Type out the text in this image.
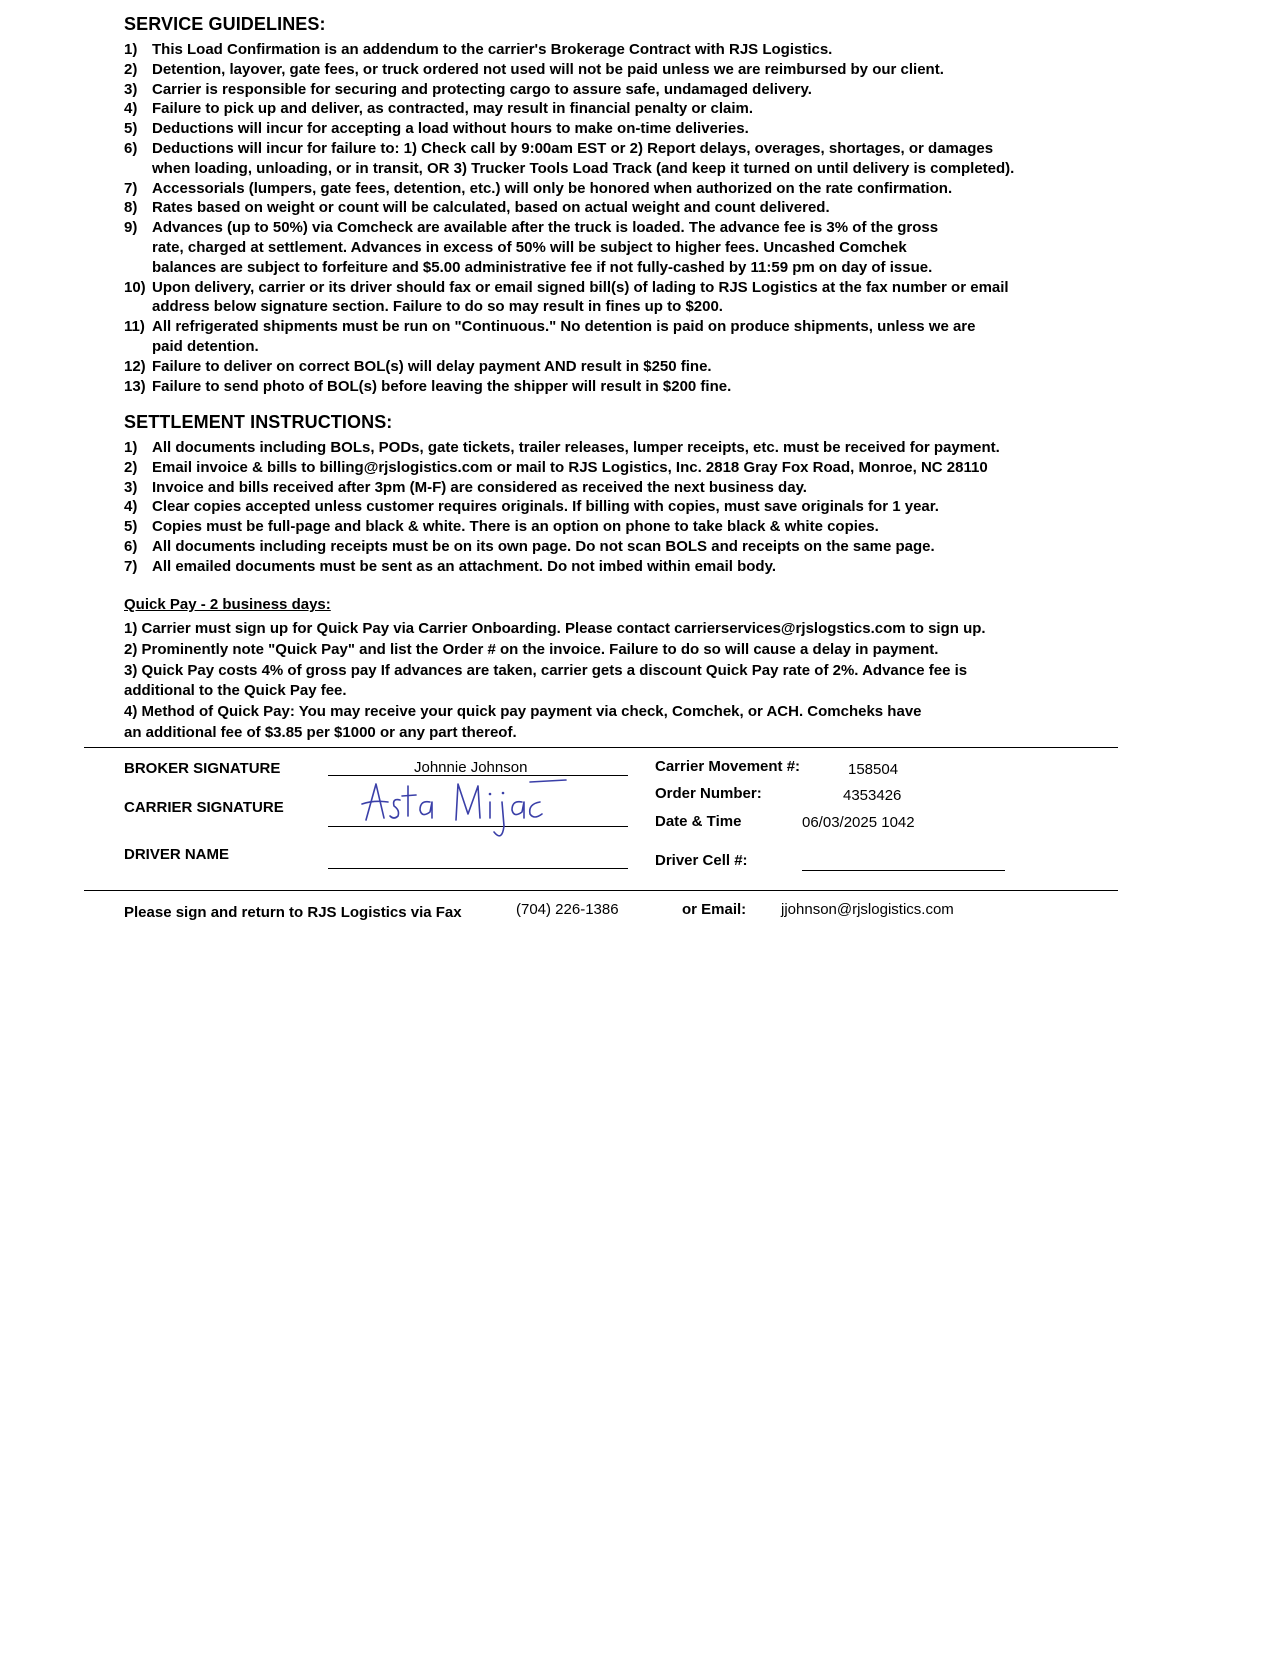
SERVICE GUIDELINES:
1) This Load Confirmation is an addendum to the carrier's Brokerage Contract with RJS Logistics.
2) Detention, layover, gate fees, or truck ordered not used will not be paid unless we are reimbursed by our client.
3) Carrier is responsible for securing and protecting cargo to assure safe, undamaged delivery.
4) Failure to pick up and deliver, as contracted, may result in financial penalty or claim.
5) Deductions will incur for accepting a load without hours to make on-time deliveries.
6) Deductions will incur for failure to: 1) Check call by 9:00am EST or 2) Report delays, overages, shortages, or damages
when loading, unloading, or in transit, OR 3) Trucker Tools Load Track (and keep it turned on until delivery is completed).
7) Accessorials (lumpers, gate fees, detention, etc.) will only be honored when authorized on the rate confirmation.
8) Rates based on weight or count will be calculated, based on actual weight and count delivered.
9) Advances (up to 50%) via Comcheck are available after the truck is loaded. The advance fee is 3% of the gross
rate, charged at settlement. Advances in excess of 50% will be subject to higher fees. Uncashed Comchek
balances are subject to forfeiture and $5.00 administrative fee if not fully-cashed by 11:59 pm on day of issue.
10) Upon delivery, carrier or its driver should fax or email signed bill(s) of lading to RJS Logistics at the fax number or email
address below signature section. Failure to do so may result in fines up to $200.
11) All refrigerated shipments must be run on "Continuous." No detention is paid on produce shipments, unless we are
paid detention.
12) Failure to deliver on correct BOL(s) will delay payment AND result in $250 fine.
13) Failure to send photo of BOL(s) before leaving the shipper will result in $200 fine.
SETTLEMENT INSTRUCTIONS:
1) All documents including BOLs, PODs, gate tickets, trailer releases, lumper receipts, etc. must be received for payment.
2) Email invoice & bills to billing@rjslogistics.com or mail to RJS Logistics, Inc. 2818 Gray Fox Road, Monroe, NC 28110
3) Invoice and bills received after 3pm (M-F) are considered as received the next business day.
4) Clear copies accepted unless customer requires originals. If billing with copies, must save originals for 1 year.
5) Copies must be full-page and black & white. There is an option on phone to take black & white copies.
6) All documents including receipts must be on its own page. Do not scan BOLS and receipts on the same page.
7) All emailed documents must be sent as an attachment. Do not imbed within email body.
Quick Pay - 2 business days:
1) Carrier must sign up for Quick Pay via Carrier Onboarding. Please contact carrierservices@rjslogstics.com to sign up.
2) Prominently note "Quick Pay" and list the Order # on the invoice. Failure to do so will cause a delay in payment.
3) Quick Pay costs 4% of gross pay If advances are taken, carrier gets a discount Quick Pay rate of 2%. Advance fee is
additional to the Quick Pay fee.
4) Method of Quick Pay: You may receive your quick pay payment via check, Comchek, or ACH. Comcheks have
an additional fee of $3.85 per $1000 or any part thereof.
BROKER SIGNATURE	Johnnie Johnson
CARRIER SIGNATURE
DRIVER NAME
Carrier Movement #:	158504
Order Number:	4353426
Date & Time	06/03/2025 1042
Driver Cell #:
Please sign and return to RJS Logistics via Fax	(704) 226-1386	or Email: jjohnson@rjslogistics.com
